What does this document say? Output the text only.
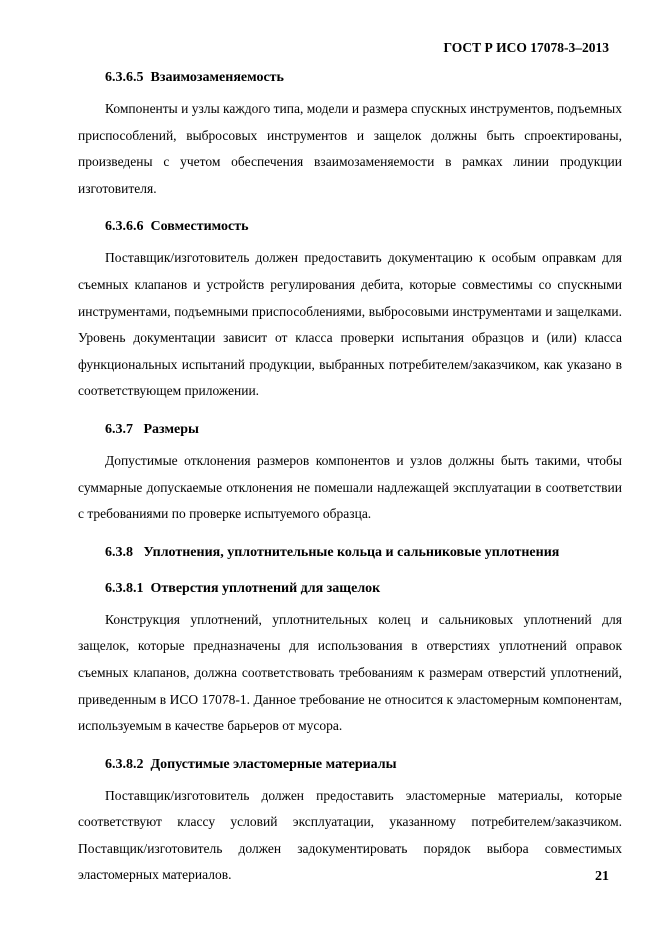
ГОСТ Р ИСО 17078-3–2013
6.3.6.5  Взаимозаменяемость

Компоненты и узлы каждого типа, модели и размера спускных инструментов, подъемных приспособлений, выбросовых инструментов и защелок должны быть спроектированы, произведены с учетом обеспечения взаимозаменяемости в рамках линии продукции изготовителя.

6.3.6.6  Совместимость

Поставщик/изготовитель должен предоставить документацию к особым оправкам для съемных клапанов и устройств регулирования дебита, которые совместимы со спускными инструментами, подъемными приспособлениями, выбросовыми инструментами и защелками. Уровень документации зависит от класса проверки испытания образцов и (или) класса функциональных испытаний продукции, выбранных потребителем/заказчиком, как указано в соответствующем приложении.

6.3.7   Размеры

Допустимые отклонения размеров компонентов и узлов должны быть такими, чтобы суммарные допускаемые отклонения не помешали надлежащей эксплуатации в соответствии с требованиями по проверке испытуемого образца.

6.3.8   Уплотнения, уплотнительные кольца и сальниковые уплотнения
6.3.8.1  Отверстия уплотнений для защелок

Конструкция уплотнений, уплотнительных колец и сальниковых уплотнений для защелок, которые предназначены для использования в отверстиях уплотнений оправок съемных клапанов, должна соответствовать требованиям к размерам отверстий уплотнений, приведенным в ИСО 17078-1. Данное требование не относится к эластомерным компонентам, используемым в качестве барьеров от мусора.

6.3.8.2  Допустимые эластомерные материалы

Поставщик/изготовитель должен предоставить эластомерные материалы, которые соответствуют классу условий эксплуатации, указанному потребителем/заказчиком. Поставщик/изготовитель должен задокументировать порядок выбора совместимых эластомерных материалов.	21
